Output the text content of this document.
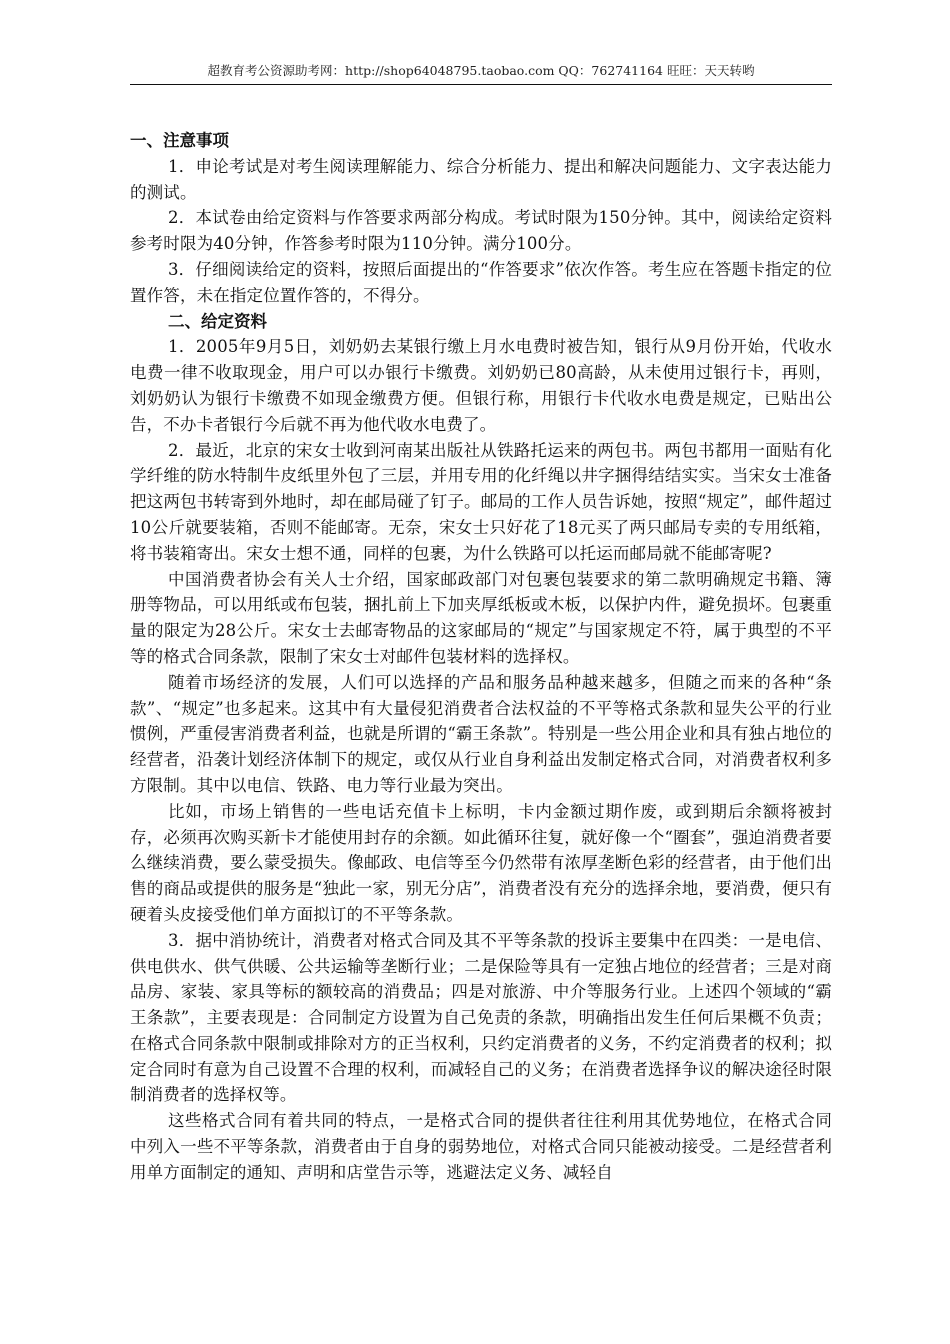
超教育考公资源助考网：http://shop64048795.taobao.com QQ：762741164 旺旺：天天转哟
一、注意事项

1．申论考试是对考生阅读理解能力、综合分析能力、提出和解决问题能力、文字表达能力的测试。

2．本试卷由给定资料与作答要求两部分构成。考试时限为150分钟。其中，阅读给定资料参考时限为40分钟，作答参考时限为110分钟。满分100分。

3．仔细阅读给定的资料，按照后面提出的“作答要求”依次作答。考生应在答题卡指定的位置作答，未在指定位置作答的，不得分。

二、给定资料

1．2005年9月5日，刘奶奶去某银行缴上月水电费时被告知，银行从9月份开始，代收水电费一律不收取现金，用户可以办银行卡缴费。刘奶奶已80高龄，从未使用过银行卡，再则，刘奶奶认为银行卡缴费不如现金缴费方便。但银行称，用银行卡代收水电费是规定，已贴出公告，不办卡者银行今后就不再为他代收水电费了。

2．最近，北京的宋女士收到河南某出版社从铁路托运来的两包书。两包书都用一面贴有化学纤维的防水特制牛皮纸里外包了三层，并用专用的化纤绳以井字捆得结结实实。当宋女士准备把这两包书转寄到外地时，却在邮局碰了钉子。邮局的工作人员告诉她，按照“规定”，邮件超过10公斤就要装箱，否则不能邮寄。无奈，宋女士只好花了18元买了两只邮局专卖的专用纸箱，将书装箱寄出。宋女士想不通，同样的包裹，为什么铁路可以托运而邮局就不能邮寄呢?

中国消费者协会有关人士介绍，国家邮政部门对包裹包装要求的第二款明确规定书籍、簿册等物品，可以用纸或布包装，捆扎前上下加夹厚纸板或木板，以保护内件，避免损坏。包裹重量的限定为28公斤。宋女士去邮寄物品的这家邮局的“规定”与国家规定不符，属于典型的不平等的格式合同条款，限制了宋女士对邮件包装材料的选择权。

随着市场经济的发展，人们可以选择的产品和服务品种越来越多，但随之而来的各种“条款”、“规定”也多起来。这其中有大量侵犯消费者合法权益的不平等格式条款和显失公平的行业惯例，严重侵害消费者利益，也就是所谓的“霸王条款”。特别是一些公用企业和具有独占地位的经营者，沿袭计划经济体制下的规定，或仅从行业自身利益出发制定格式合同，对消费者权利多方限制。其中以电信、铁路、电力等行业最为突出。

比如，市场上销售的一些电话充值卡上标明，卡内金额过期作废，或到期后余额将被封存，必须再次购买新卡才能使用封存的余额。如此循环往复，就好像一个“圈套”，强迫消费者要么继续消费，要么蒙受损失。像邮政、电信等至今仍然带有浓厚垄断色彩的经营者，由于他们出售的商品或提供的服务是“独此一家，别无分店”，消费者没有充分的选择余地，要消费，便只有硬着头皮接受他们单方面拟订的不平等条款。

3．据中消协统计，消费者对格式合同及其不平等条款的投诉主要集中在四类：一是电信、供电供水、供气供暖、公共运输等垄断行业；二是保险等具有一定独占地位的经营者；三是对商品房、家装、家具等标的额较高的消费品；四是对旅游、中介等服务行业。上述四个领域的“霸王条款”，主要表现是：合同制定方设置为自己免责的条款，明确指出发生任何后果概不负责；在格式合同条款中限制或排除对方的正当权利，只约定消费者的义务，不约定消费者的权利；拟定合同时有意为自己设置不合理的权利，而减轻自己的义务；在消费者选择争议的解决途径时限制消费者的选择权等。

这些格式合同有着共同的特点，一是格式合同的提供者往往利用其优势地位，在格式合同中列入一些不平等条款，消费者由于自身的弱势地位，对格式合同只能被动接受。二是经营者利用单方面制定的通知、声明和店堂告示等，逃避法定义务、减轻自
